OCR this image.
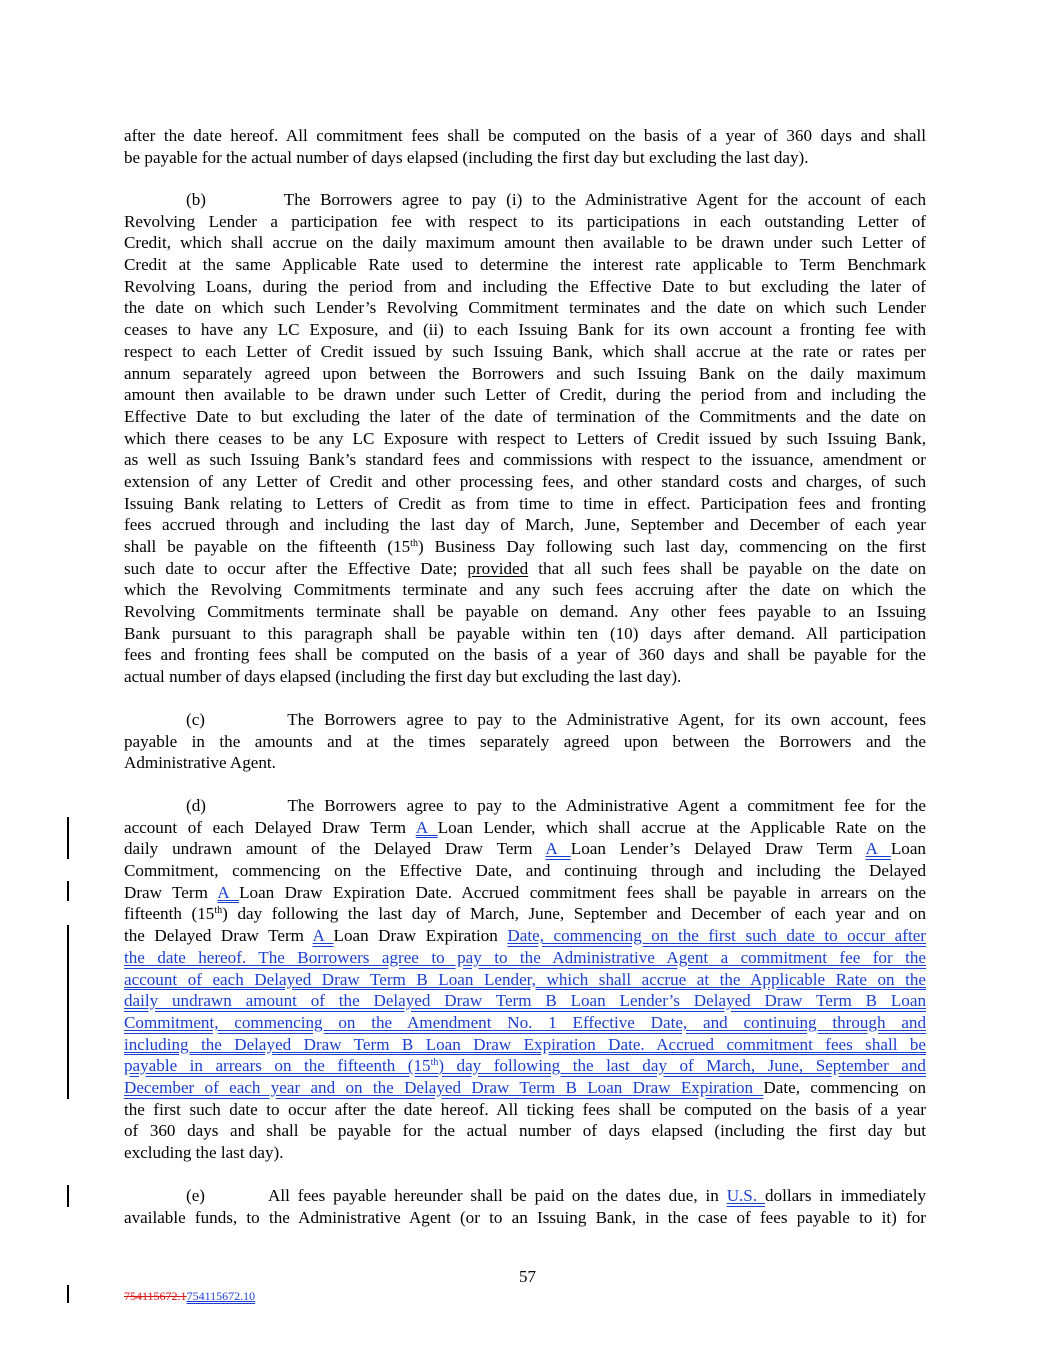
after the date hereof. All commitment fees shall be computed on the basis of a year of 360 days and shall
be payable for the actual number of days elapsed (including the first day but excluding the last day).
(b)        The Borrowers agree to pay (i) to the Administrative Agent for the account of each
Revolving Lender a participation fee with respect to its participations in each outstanding Letter of
Credit, which shall accrue on the daily maximum amount then available to be drawn under such Letter of
Credit at the same Applicable Rate used to determine the interest rate applicable to Term Benchmark
Revolving Loans, during the period from and including the Effective Date to but excluding the later of
the date on which such Lender’s Revolving Commitment terminates and the date on which such Lender
ceases to have any LC Exposure, and (ii) to each Issuing Bank for its own account a fronting fee with
respect to each Letter of Credit issued by such Issuing Bank, which shall accrue at the rate or rates per
annum separately agreed upon between the Borrowers and such Issuing Bank on the daily maximum
amount then available to be drawn under such Letter of Credit, during the period from and including the
Effective Date to but excluding the later of the date of termination of the Commitments and the date on
which there ceases to be any LC Exposure with respect to Letters of Credit issued by such Issuing Bank,
as well as such Issuing Bank’s standard fees and commissions with respect to the issuance, amendment or
extension of any Letter of Credit and other processing fees, and other standard costs and charges, of such
Issuing Bank relating to Letters of Credit as from time to time in effect. Participation fees and fronting
fees accrued through and including the last day of March, June, September and December of each year
shall be payable on the fifteenth (15th) Business Day following such last day, commencing on the first
such date to occur after the Effective Date; provided that all such fees shall be payable on the date on
which the Revolving Commitments terminate and any such fees accruing after the date on which the
Revolving Commitments terminate shall be payable on demand. Any other fees payable to an Issuing
Bank pursuant to this paragraph shall be payable within ten (10) days after demand. All participation
fees and fronting fees shall be computed on the basis of a year of 360 days and shall be payable for the
actual number of days elapsed (including the first day but excluding the last day).
(c)        The Borrowers agree to pay to the Administrative Agent, for its own account, fees
payable in the amounts and at the times separately agreed upon between the Borrowers and the
Administrative Agent.
(d)        The Borrowers agree to pay to the Administrative Agent a commitment fee for the
account of each Delayed Draw Term A Loan Lender, which shall accrue at the Applicable Rate on the
daily undrawn amount of the Delayed Draw Term A Loan Lender’s Delayed Draw Term A Loan
Commitment, commencing on the Effective Date, and continuing through and including the Delayed
Draw Term A Loan Draw Expiration Date. Accrued commitment fees shall be payable in arrears on the
fifteenth (15th) day following the last day of March, June, September and December of each year and on
the Delayed Draw Term A Loan Draw Expiration Date, commencing on the first such date to occur after
the date hereof. The Borrowers agree to pay to the Administrative Agent a commitment fee for the
account of each Delayed Draw Term B Loan Lender, which shall accrue at the Applicable Rate on the
daily undrawn amount of the Delayed Draw Term B Loan Lender’s Delayed Draw Term B Loan
Commitment, commencing on the Amendment No. 1 Effective Date, and continuing through and
including the Delayed Draw Term B Loan Draw Expiration Date. Accrued commitment fees shall be
payable in arrears on the fifteenth (15th) day following the last day of March, June, September and
December of each year and on the Delayed Draw Term B Loan Draw Expiration Date, commencing on
the first such date to occur after the date hereof. All ticking fees shall be computed on the basis of a year
of 360 days and shall be payable for the actual number of days elapsed (including the first day but
excluding the last day).
(e)        All fees payable hereunder shall be paid on the dates due, in U.S. dollars in immediately
available funds, to the Administrative Agent (or to an Issuing Bank, in the case of fees payable to it) for
57
754115672.1754115672.10
